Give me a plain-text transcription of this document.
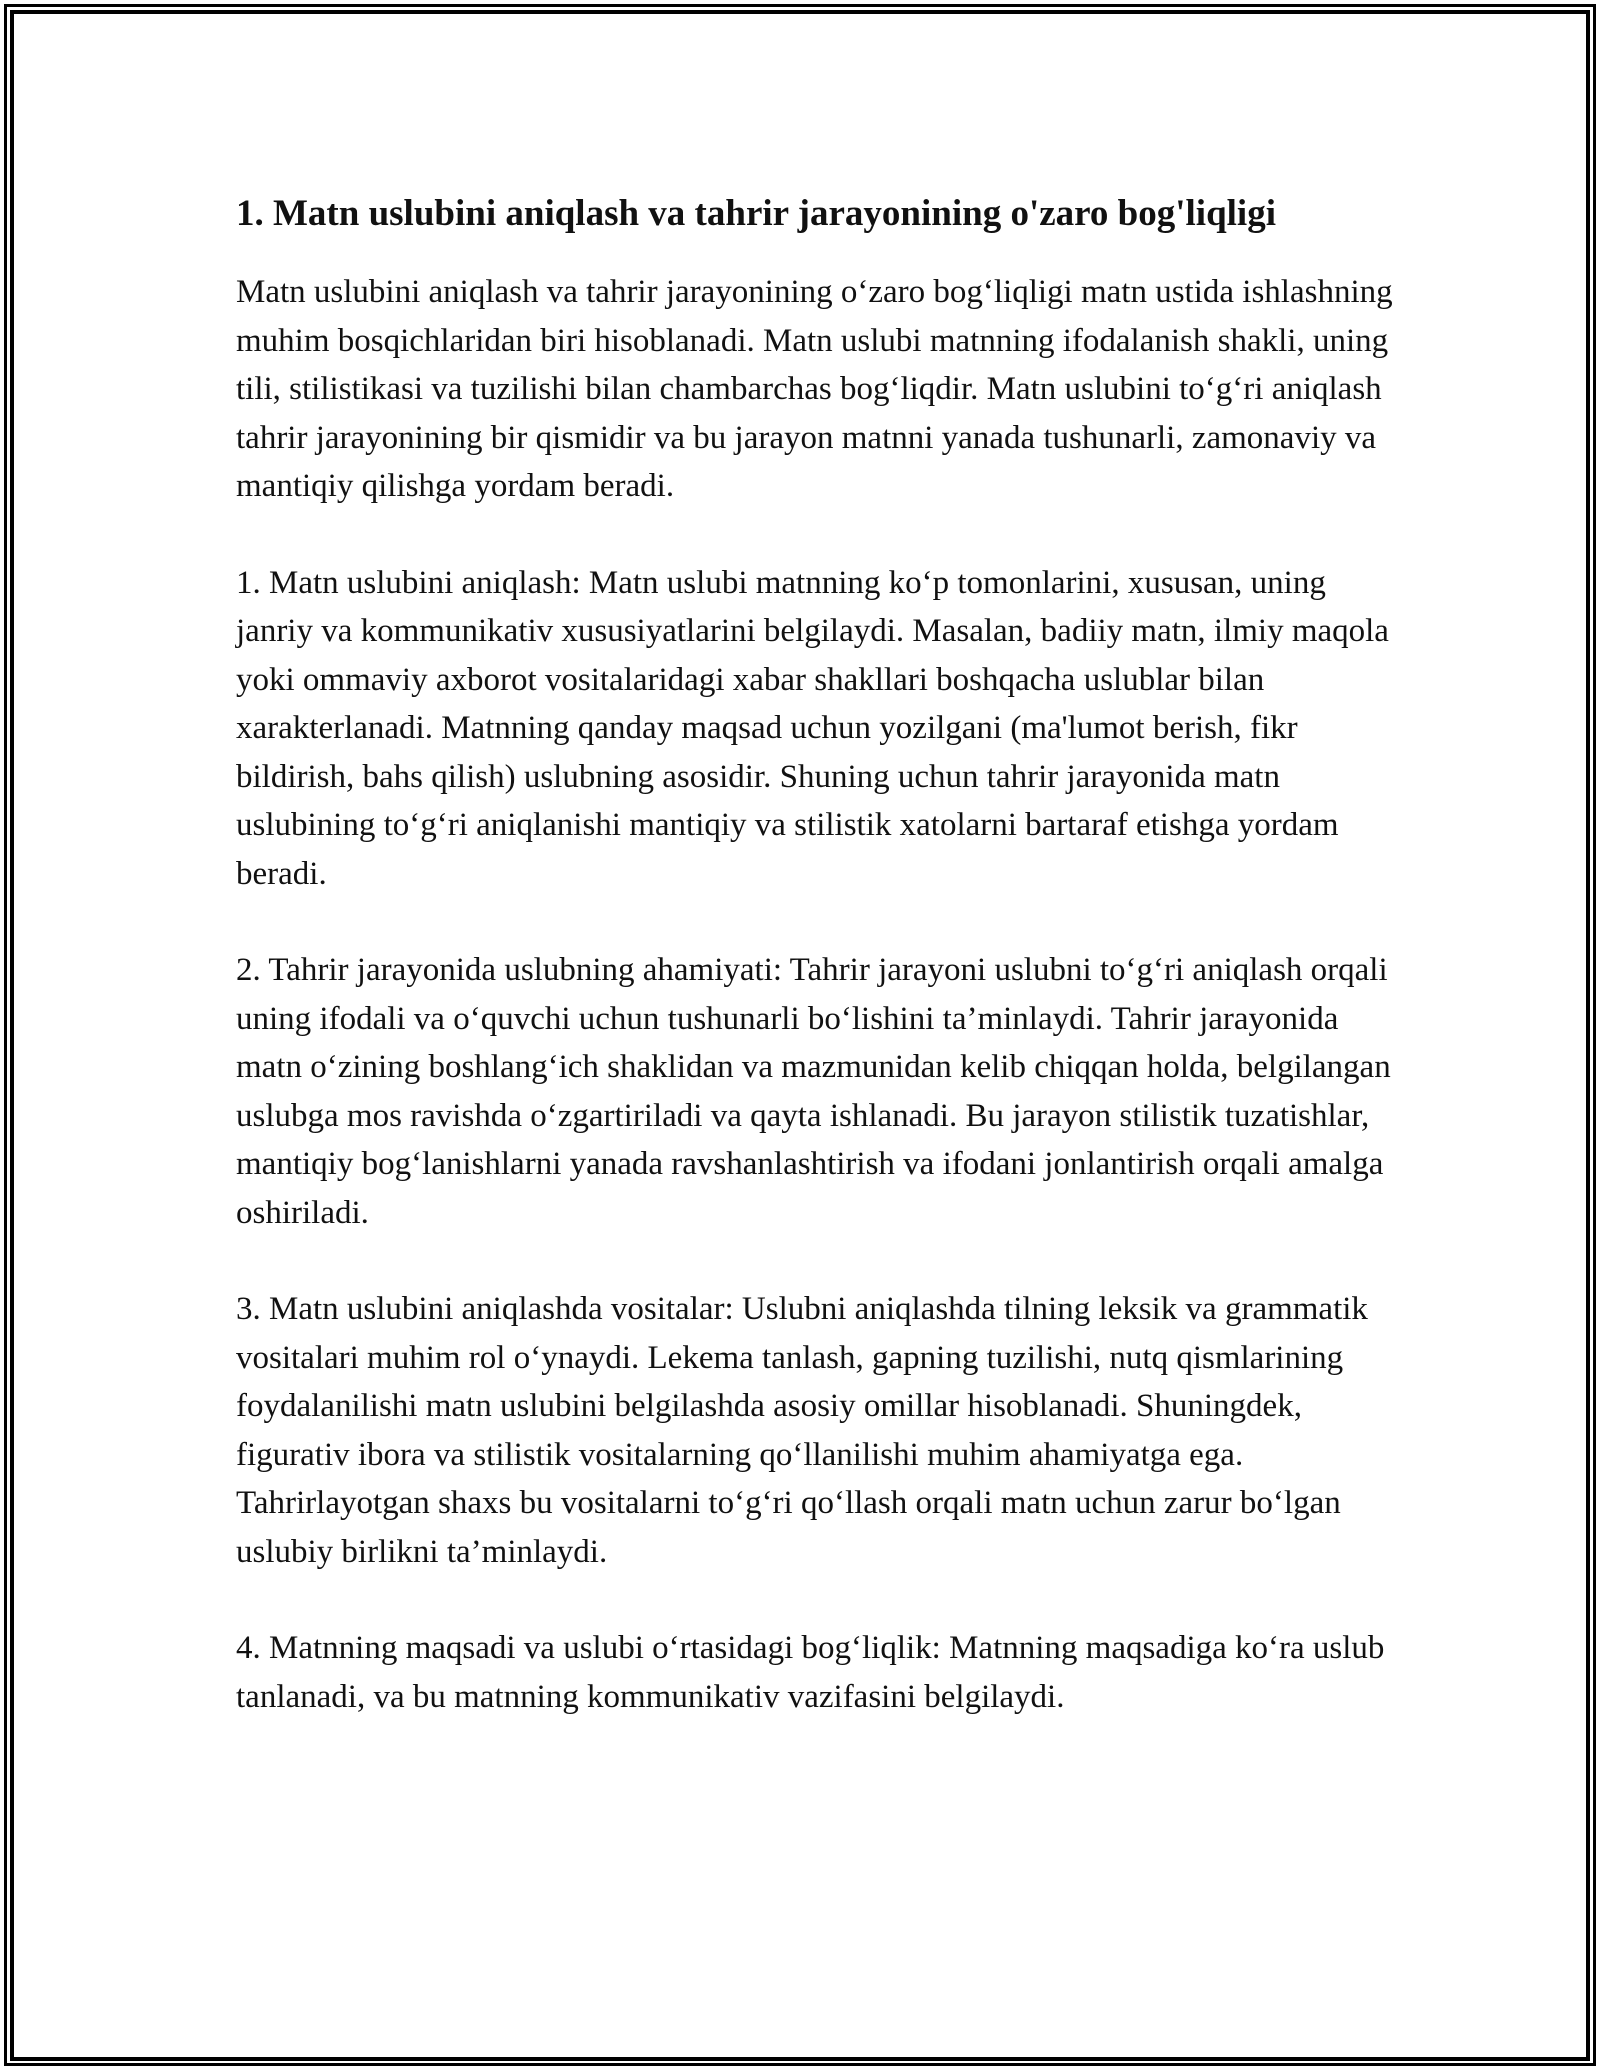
1. Matn uslubini aniqlash va tahrir jarayonining o'zaro bog'liqligi

Matn uslubini aniqlash va tahrir jarayonining oʻzaro bogʻliqligi matn ustida ishlashning muhim bosqichlaridan biri hisoblanadi. Matn uslubi matnning ifodalanish shakli, uning tili, stilistikasi va tuzilishi bilan chambarchas bogʻliqdir. Matn uslubini toʻgʻri aniqlash tahrir jarayonining bir qismidir va bu jarayon matnni yanada tushunarli, zamonaviy va mantiqiy qilishga yordam beradi.

1. Matn uslubini aniqlash: Matn uslubi matnning koʻp tomonlarini, xususan, uning janriy va kommunikativ xususiyatlarini belgilaydi. Masalan, badiiy matn, ilmiy maqola yoki ommaviy axborot vositalaridagi xabar shakllari boshqacha uslublar bilan xarakterlanadi. Matnning qanday maqsad uchun yozilgani (ma'lumot berish, fikr bildirish, bahs qilish) uslubning asosidir. Shuning uchun tahrir jarayonida matn uslubining toʻgʻri aniqlanishi mantiqiy va stilistik xatolarni bartaraf etishga yordam beradi.

2. Tahrir jarayonida uslubning ahamiyati: Tahrir jarayoni uslubni toʻgʻri aniqlash orqali uning ifodali va oʻquvchi uchun tushunarli boʻlishini ta’minlaydi. Tahrir jarayonida matn oʻzining boshlangʻich shaklidan va mazmunidan kelib chiqqan holda, belgilangan uslubga mos ravishda oʻzgartiriladi va qayta ishlanadi. Bu jarayon stilistik tuzatishlar, mantiqiy bogʻlanishlarni yanada ravshanlashtirish va ifodani jonlantirish orqali amalga oshiriladi.

3. Matn uslubini aniqlashda vositalar: Uslubni aniqlashda tilning leksik va grammatik vositalari muhim rol oʻynaydi. Lekema tanlash, gapning tuzilishi, nutq qismlarining foydalanilishi matn uslubini belgilashda asosiy omillar hisoblanadi. Shuningdek, figurativ ibora va stilistik vositalarning qoʻllanilishi muhim ahamiyatga ega. Tahrirlayotgan shaxs bu vositalarni toʻgʻri qoʻllash orqali matn uchun zarur boʻlgan uslubiy birlikni ta’minlaydi.

4. Matnning maqsadi va uslubi oʻrtasidagi bogʻliqlik: Matnning maqsadiga koʻra uslub tanlanadi, va bu matnning kommunikativ vazifasini belgilaydi.
